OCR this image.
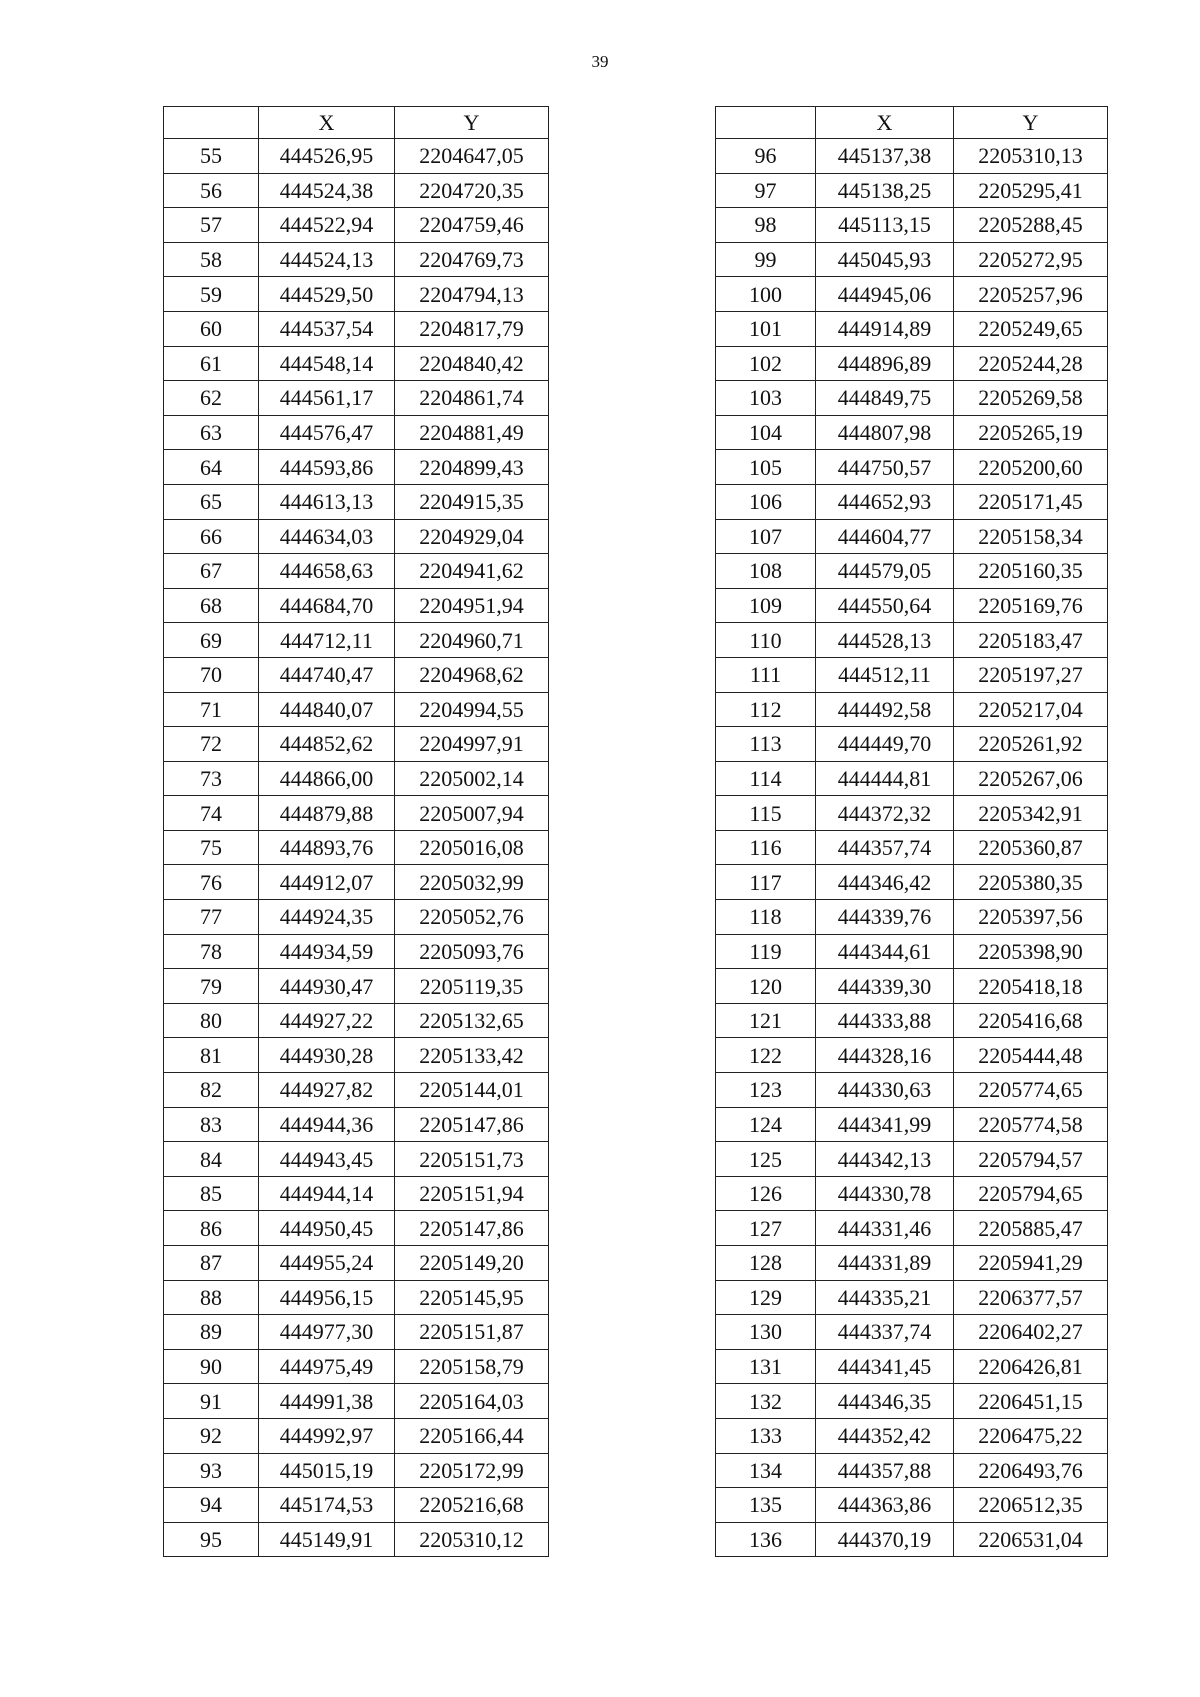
39
	X	Y
55	444526,95	2204647,05
56	444524,38	2204720,35
57	444522,94	2204759,46
58	444524,13	2204769,73
59	444529,50	2204794,13
60	444537,54	2204817,79
61	444548,14	2204840,42
62	444561,17	2204861,74
63	444576,47	2204881,49
64	444593,86	2204899,43
65	444613,13	2204915,35
66	444634,03	2204929,04
67	444658,63	2204941,62
68	444684,70	2204951,94
69	444712,11	2204960,71
70	444740,47	2204968,62
71	444840,07	2204994,55
72	444852,62	2204997,91
73	444866,00	2205002,14
74	444879,88	2205007,94
75	444893,76	2205016,08
76	444912,07	2205032,99
77	444924,35	2205052,76
78	444934,59	2205093,76
79	444930,47	2205119,35
80	444927,22	2205132,65
81	444930,28	2205133,42
82	444927,82	2205144,01
83	444944,36	2205147,86
84	444943,45	2205151,73
85	444944,14	2205151,94
86	444950,45	2205147,86
87	444955,24	2205149,20
88	444956,15	2205145,95
89	444977,30	2205151,87
90	444975,49	2205158,79
91	444991,38	2205164,03
92	444992,97	2205166,44
93	445015,19	2205172,99
94	445174,53	2205216,68
95	445149,91	2205310,12
	X	Y
96	445137,38	2205310,13
97	445138,25	2205295,41
98	445113,15	2205288,45
99	445045,93	2205272,95
100	444945,06	2205257,96
101	444914,89	2205249,65
102	444896,89	2205244,28
103	444849,75	2205269,58
104	444807,98	2205265,19
105	444750,57	2205200,60
106	444652,93	2205171,45
107	444604,77	2205158,34
108	444579,05	2205160,35
109	444550,64	2205169,76
110	444528,13	2205183,47
111	444512,11	2205197,27
112	444492,58	2205217,04
113	444449,70	2205261,92
114	444444,81	2205267,06
115	444372,32	2205342,91
116	444357,74	2205360,87
117	444346,42	2205380,35
118	444339,76	2205397,56
119	444344,61	2205398,90
120	444339,30	2205418,18
121	444333,88	2205416,68
122	444328,16	2205444,48
123	444330,63	2205774,65
124	444341,99	2205774,58
125	444342,13	2205794,57
126	444330,78	2205794,65
127	444331,46	2205885,47
128	444331,89	2205941,29
129	444335,21	2206377,57
130	444337,74	2206402,27
131	444341,45	2206426,81
132	444346,35	2206451,15
133	444352,42	2206475,22
134	444357,88	2206493,76
135	444363,86	2206512,35
136	444370,19	2206531,04
